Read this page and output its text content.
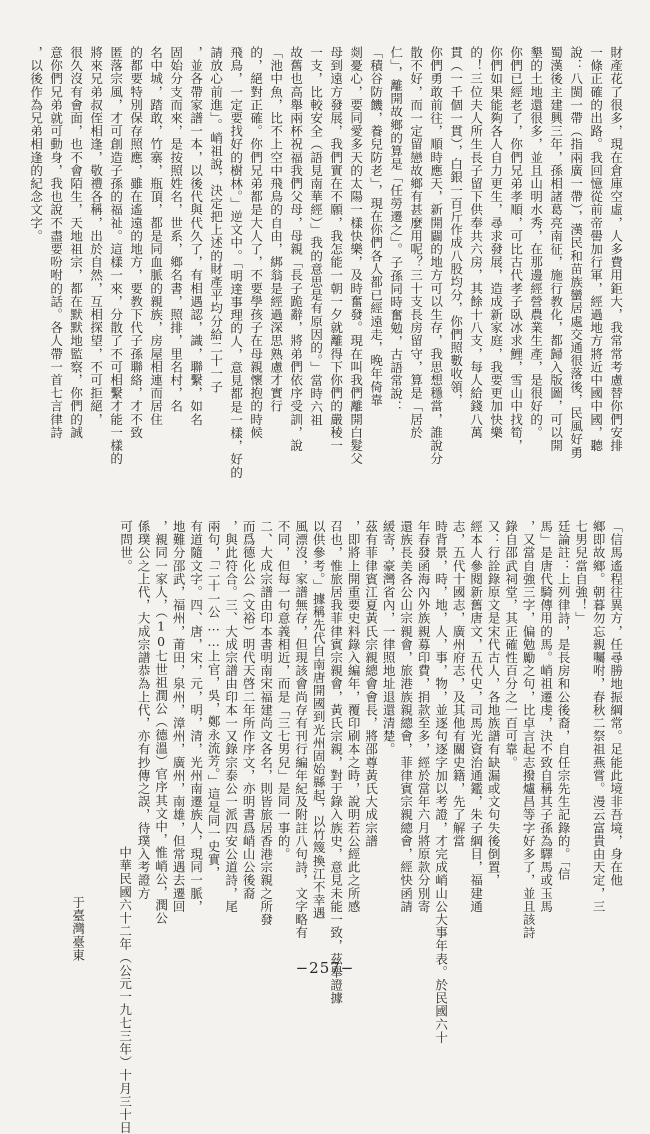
財產花了很多，現在倉庫空虛，人多費用鉅大，我常常考慮替你們安排
一條正確的出路。我回憶從前帝嚳加行軍，經過地方將近中國中國，聽
說：八閩一帶（指兩廣一帶），漢民和苗族蠻居處交通很落後，民風好勇
蜀漢後主建興三年，孫相諸葛亮南征，施行教化，都歸入版圖，可以開
墾的土地還很多，並且山明水秀，在那邊經營農業生產，是很好的。
你們已經老了，你們兄弟孝順，可比古代孝子臥冰求鯉，雪山中找筍，
你們如果能夠各人自力更生，尋求發展，造成新家庭，我要更加快樂
的！三位夫人所生長子留下供奉共六房，其餘十八支，每人給錢八萬
貫（一千個一貫），白銀一百斤作成八股均分，你們照數收領，
你們勇敢前往，順時應天，新開闢的地方可以生存，我思想穩當，誰說分
散不好，而一定留戀故鄉有甚麼用呢？三十支長房留守，算是「居於
仁」，離開故鄉的算是「任勞遷之」。子孫同時奮勉，古語常說：
「積谷防饑，養兒防老」，現在你們各人都已經遠走，晚年倚靠
剡憂心，要同愛多天的太陽一樣快樂，及時奮發。現在叫我們離開白髮父
母到遠方發展，我們實在不願，我怎能一朝一夕就離得下你們的嚴稜一
一支，比較安全（語見南華經）」我的意思是有原因的。」當時六祖
故舊也高舉兩杯祝福我們父母，母親「長子跪辭，將弟們依序受訓，說
「池中魚，比不上空中飛鳥的自由，綁翁是經過深思熟慮才實行
的，絕對正確。你們兄弟都是大人了，不要學孩子在母親懷抱的時候
飛鳥，一定要找好的樹林。」逆文中。「明達事理的人，意見都是一樣，好的
請放心前進」。峭祖說，決定把上述的財產平均分給二十一子
，並各帶家譜一本，以後代與代久了，有相遇認，識，聯繫，如名
固始分支而來，是按照姓名，世系，鄉名書，照排，里名村，名
名中城，踏敢，竹寨，瓶頂，都是同血脈的親族，房屋相連而居住
的都要特別保存照應，雖在遙遠的地方，要教下代子孫聯絡，才不致
匿落宗風，才可創造子孫的福祉。這樣一來，分散了不可相繫才能一樣的
將來兄弟叔侄相逢，敬禮各稱，出於自然，互相探望，不可拒絕，
很久沒有會面，也不會陌生，天地祖宗，都在默默地監察，你們的誠
意你們兄弟就可動身，我也說不盡要吩咐的話。各人帶一首七言律詩
，以後作為兄弟相逢的紀念文字。
「信馬遙程往異方，任尋勝地振綱常。足能此境非吾境，身在他
鄉即故鄉。朝暮勿忘親囑咐，春秋二祭祖燕嘗。漫云富貴由天定，三
七男兒當自強！」
廷論註：上列律詩，是長房和公後裔，自任宗先生記錄的。「信
馬」是唐代騎傳用的馬。峭祖遷虔，決不致自稱其子孫為驛馬或玉馬
，又當自強三字，偏勉勵之句，比卓言起志撥爐昌等字好多了，並且該詩
錄自邵武祠堂，其正確性百分之一百可靠。
又：行詮錄原文是宋代古人，各地族譜有缺漏或文句失後倒置，
經本人參閱新舊唐文，五代史，司馬光資治通鑑，朱子綱目，福建通
志，五代十國志，廣州府志，及其他有關史籍，先了解當
時背景，時，地，人，事，物，並逐句逐字加以考證，才完成峭山公大事年表。於民國六十
年春發函海內外族親募印費，捐款至多，經於當年六月將原款分別寄
還族長美各公山宗親會，旅港族親總會，菲律賓宗親總會，經快函請
緩寄，豪灣省內，一律照地址退還清楚。
茲有菲律賓江夏黃氏宗親總會會長，將邵尊黃氏大成宗譜
，即將上開重要史料錄入編年，覆印刷本之時，說明若公經此之所感
召也，惟旅居我菲律賓宗親會，黃氏宗親，對于錄入族史，意見未能一致，茲舉證據
以供參考。」據稱先代自南唐開國到光州固始縣起，以竹篾換江不幸遇
風漂沒，家譜無存，但現該會尚存有刊行編年紀及附註八句詩，文字略有
不同，但每一句意義相近，而是「三七男兒」是同一事的。
二、大成宗譜由印本書明南宋福建尚文各名，則皆旅居香港宗親之所發
而爲德化公（文裕）明代天啓二年所作序文，亦明書爲峭山公後裔
，與此符合。三、大成宗譜由印本一又錄宗泰公一派四安公道詩，尾
兩句，「二十一公……上官，吳，鄭永流芳。」這是同一史實，
有道隨文字。四、唐，宋，元，明，清，光州南遷族人，現同一脈，
地難分邵武，福州，莆田，泉州，漳州，廣州，南雄，但常遇去遷回
，親同一家人，（10七世祖潤公（德溫）官序其文中，惟峭公，潤公
係璞公之上代，大成宗譜恭為上代，亦有抄傳之誤，待璞入考證方
可問世。
中華民國六十二年（公元一九七三年）十月三十日
于臺灣臺東
−257−
